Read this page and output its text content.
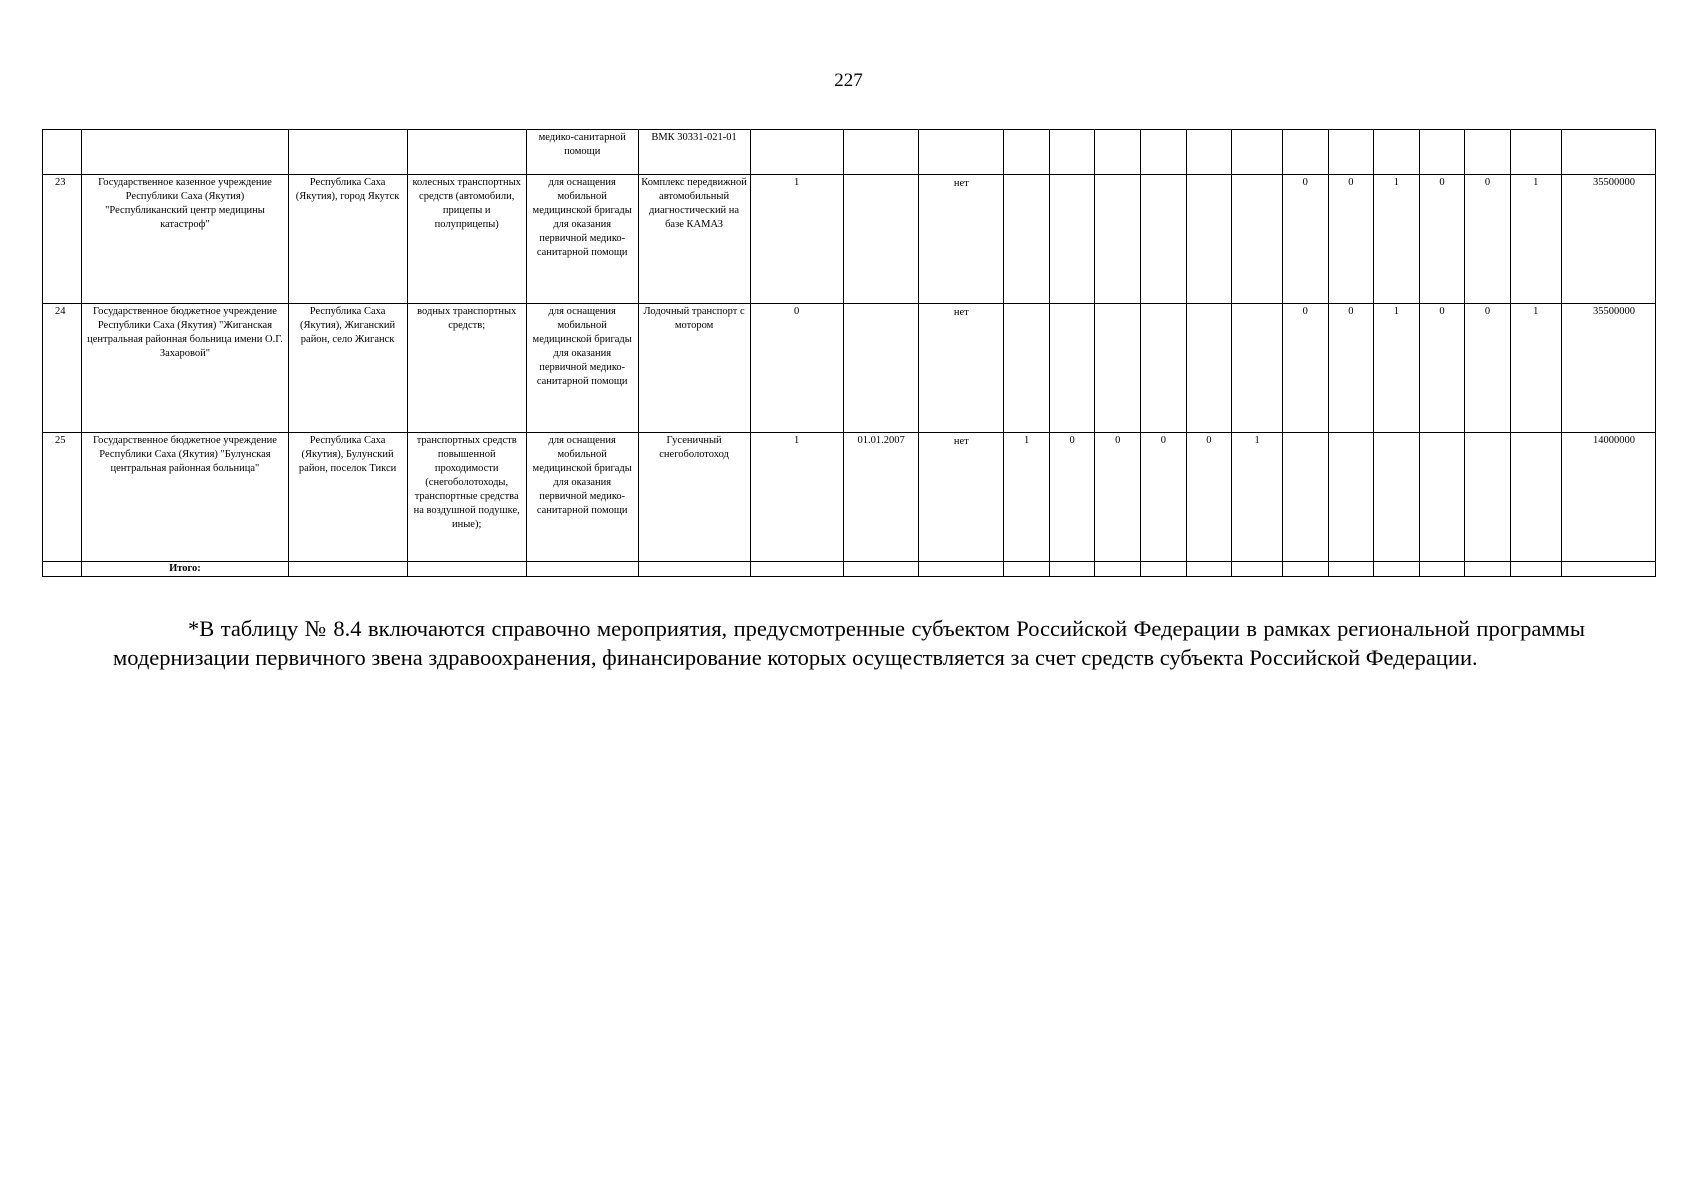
227
				медико-санитарной помощи	ВМК 30331-021-01																
23	Государственное казенное учреждение Республики Саха (Якутия) "Республиканский центр медицины катастроф"	Республика Саха (Якутия), город Якутск	колесных транспортных средств (автомобили, прицепы и полуприцепы)	для оснащения мобильной медицинской бригады для оказания первичной медико-санитарной помощи	Комплекс передвижной автомобильный диагностический на базе КАМАЗ	1		нет							0	0	1	0	0	1	35500000
24	Государственное бюджетное учреждение Республики Саха (Якутия) "Жиганская центральная районная больница имени О.Г. Захаровой"	Республика Саха (Якутия), Жиганский район, село Жиганск	водных транспортных средств;	для оснащения мобильной медицинской бригады для оказания первичной медико-санитарной помощи	Лодочный транспорт с мотором	0		нет							0	0	1	0	0	1	35500000
25	Государственное бюджетное учреждение Республики Саха (Якутия) "Булунская центральная районная больница"	Республика Саха (Якутия), Булунский район, поселок Тикси	транспортных средств повышенной проходимости (снегоболотоходы, транспортные средства на воздушной подушке, иные);	для оснащения мобильной медицинской бригады для оказания первичной медико-санитарной помощи	Гусеничный снегоболотоход	1	01.01.2007	нет	1	0	0	0	0	1							14000000
	Итого:																				

*В таблицу № 8.4 включаются справочно мероприятия, предусмотренные субъектом Российской Федерации в рамках региональной программы модернизации первичного звена здравоохранения, финансирование которых осуществляется за счет средств субъекта Российской Федерации.
